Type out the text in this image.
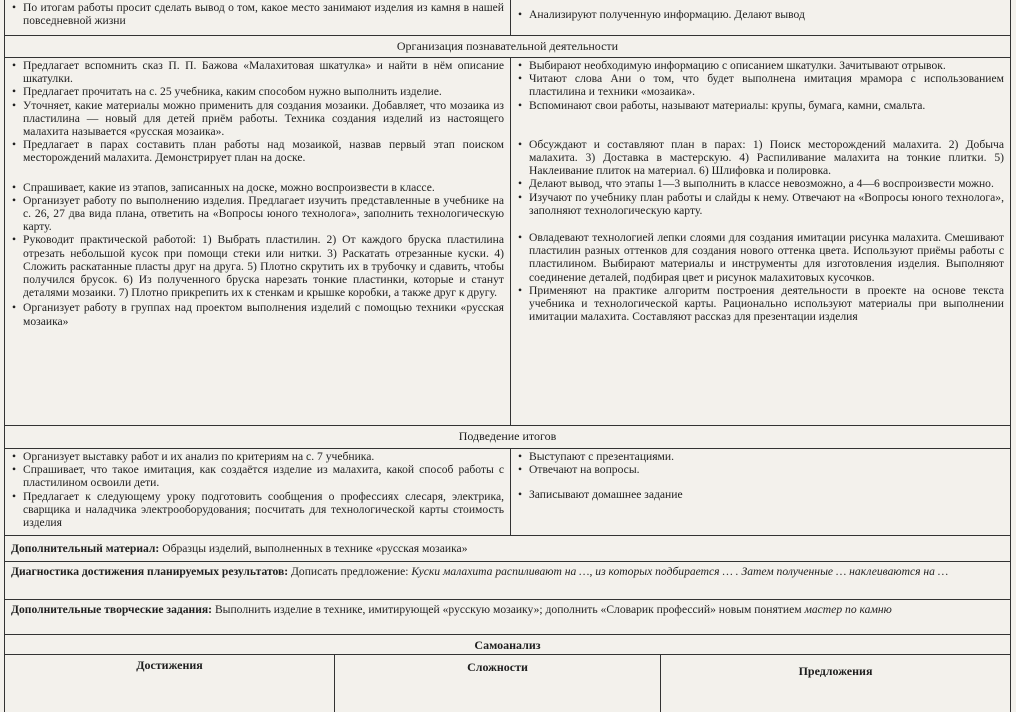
• По итогам работы просит сделать вывод о том, какое место занимают изделия из камня в нашей повседневной жизни
•	Анализируют полученную информацию. Делают вывод
Организация познавательной деятельности
• Предлагает вспомнить сказ П. П. Бажова «Малахитовая шкатулка» и найти в нём описание шкатулки.
• Предлагает прочитать на с. 25 учебника, каким способом нужно выполнить изделие.
• Уточняет, какие материалы можно применить для создания мозаики. Добавляет, что мозаика из пластилина — новый для детей приём работы. Техника создания изделий из настоящего малахита называется «русская мозаика».
• Предлагает в парах составить план работы над мозаикой, назвав первый этап поиском месторождений малахита. Демонстрирует план на доске.
• Спрашивает, какие из этапов, записанных на доске, можно воспроизвести в классе.
• Организует работу по выполнению изделия. Предлагает изучить представленные в учебнике на с. 26, 27 два вида плана, ответить на «Вопросы юного технолога», заполнить технологическую карту.
• Руководит практической работой: 1) Выбрать пластилин. 2) От каждого бруска пластилина отрезать небольшой кусок при помощи стеки или нитки. 3) Раскатать отрезанные куски. 4) Сложить раскатанные пласты друг на друга. 5) Плотно скрутить их в трубочку и сдавить, чтобы получился брусок. 6) Из полученного бруска нарезать тонкие пластинки, которые и станут деталями мозаики. 7) Плотно прикрепить их к стенкам и крышке коробки, а также друг к другу.
• Организует работу в группах над проектом выполнения изделий с помощью техники «русская мозаика»
• Выбирают необходимую информацию с описанием шкатулки. Зачитывают отрывок.
• Читают слова Ани о том, что будет выполнена имитация мрамора с использованием пластилина и техники «мозаика».
• Вспоминают свои работы, называют материалы: крупы, бумага, камни, смальта.
• Обсуждают и составляют план в парах: 1) Поиск месторождений малахита. 2) Добыча малахита. 3) Доставка в мастерскую. 4) Распиливание малахита на тонкие плитки. 5) Наклеивание плиток на материал. 6) Шлифовка и полировка.
• Делают вывод, что этапы 1—3 выполнить в классе невозможно, а 4—6 воспроизвести можно.
• Изучают по учебнику план работы и слайды к нему. Отвечают на «Вопросы юного технолога», заполняют технологическую карту.
• Овладевают технологией лепки слоями для создания имитации рисунка малахита. Смешивают пластилин разных оттенков для создания нового оттенка цвета. Используют приёмы работы с пластилином. Выбирают материалы и инструменты для изготовления изделия. Выполняют соединение деталей, подбирая цвет и рисунок малахитовых кусочков.
• Применяют на практике алгоритм построения деятельности в проекте на основе текста учебника и технологической карты. Рационально используют материалы при выполнении имитации малахита. Составляют рассказ для презентации изделия
Подведение итогов
• Организует выставку работ и их анализ по критериям на с. 7 учебника.
• Спрашивает, что такое имитация, как создаётся изделие из малахита, какой способ работы с пластилином освоили дети.
• Предлагает к следующему уроку подготовить сообщения о профессиях слесаря, электрика, сварщика и наладчика электрооборудования; посчитать для технологической карты стоимость изделия
• Выступают с презентациями.
• Отвечают на вопросы.
• Записывают домашнее задание
Дополнительный материал: Образцы изделий, выполненных в технике «русская мозаика»
Диагностика достижения планируемых результатов: Дописать предложение: Куски малахита распиливают на …, из которых подбирается … . Затем полученные … наклеиваются на …
Дополнительные творческие задания: Выполнить изделие в технике, имитирующей «русскую мозаику»; дополнить «Словарик профессий» новым понятием мастер по камню
Самоанализ
Достижения	Сложности	Предложения
